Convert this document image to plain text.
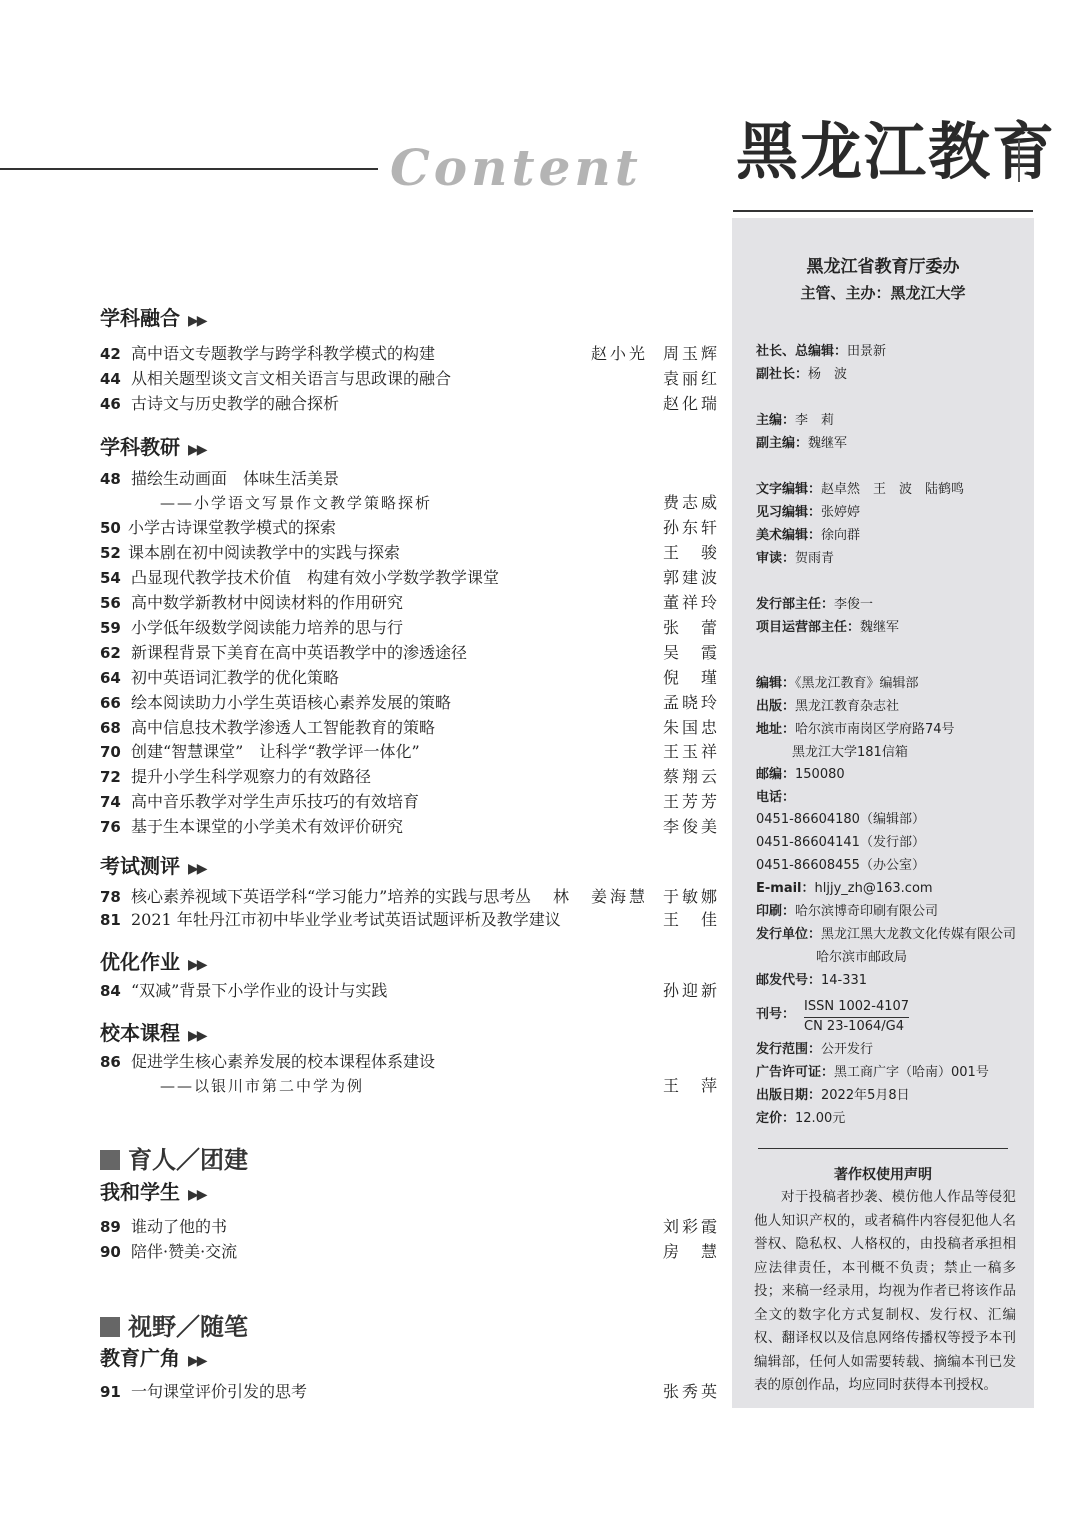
Content 黑龙江教育
学科融合 ▶▶
42 高中语文专题教学与跨学科教学模式的构建	赵小光 周玉辉
44 从相关题型谈文言文相关语言与思政课的融合	袁丽红
46 古诗文与历史教学的融合探析	赵化瑞
学科教研 ▶▶
48 描绘生动画面　体味生活美景
——小学语文写景作文教学策略探析	费志威
50 小学古诗课堂教学模式的探索	孙东轩
52 课本剧在初中阅读教学中的实践与探索	王　骏
54 凸显现代教学技术价值　构建有效小学数学教学课堂	郭建波
56 高中数学新教材中阅读材料的作用研究	董祥玲
59 小学低年级数学阅读能力培养的思与行	张　蕾
62 新课程背景下美育在高中英语教学中的渗透途径	吴　霞
64 初中英语词汇教学的优化策略	倪　瑾
66 绘本阅读助力小学生英语核心素养发展的策略	孟晓玲
68 高中信息技术教学渗透人工智能教育的策略	朱国忠
70 创建“智慧课堂”　让科学“教学评一体化”	王玉祥
72 提升小学生科学观察力的有效路径	蔡翔云
74 高中音乐教学对学生声乐技巧的有效培育	王芳芳
76 基于生本课堂的小学美术有效评价研究	李俊美
考试测评 ▶▶
78 核心素养视域下英语学科“学习能力”培养的实践与思考 丛　林　姜海慧 于敏娜
81 2021 年牡丹江市初中毕业学业考试英语试题评析及教学建议	王　佳
优化作业 ▶▶
84 “双减”背景下小学作业的设计与实践	孙迎新
校本课程 ▶▶
86 促进学生核心素养发展的校本课程体系建设
——以银川市第二中学为例	王　萍
育人／团建
我和学生 ▶▶
89 谁动了他的书	刘彩霞
90 陪伴·赞美·交流	房　慧
视野／随笔
教育广角 ▶▶
91 一句课堂评价引发的思考	张秀英
黑龙江省教育厅委办
主管、主办：黑龙江大学
社长、总编辑：田景新
副社长：杨　波
主编：李　莉
副主编：魏继军
文字编辑：赵卓然　王　波　陆鹤鸣
见习编辑：张婷婷
美术编辑：徐向群
审读：贺雨青
发行部主任：李俊一
项目运营部主任：魏继军
编辑：《黑龙江教育》编辑部
出版：黑龙江教育杂志社
地址：哈尔滨市南岗区学府路74号
黑龙江大学181信箱
邮编：150080
电话：
0451-86604180（编辑部）
0451-86604141（发行部）
0451-86608455（办公室）
E-mail：hljjy_zh@163.com
印刷：哈尔滨博奇印刷有限公司
发行单位：黑龙江黑大龙教文化传媒有限公司
哈尔滨市邮政局
邮发代号：14-331
刊号：
ISSN 1002-4107
CN 23-1064/G4
发行范围：公开发行
广告许可证：黑工商广字（哈南）001号
出版日期：2022年5月8日
定价：12.00元
著作权使用声明
对于投稿者抄袭、模仿他人作品等侵犯他人知识产权的，或者稿件内容侵犯他人名誉权、隐私权、人格权的，由投稿者承担相应法律责任，本刊概不负责；禁止一稿多投；来稿一经录用，均视为作者已将该作品全文的数字化方式复制权、发行权、汇编权、翻译权以及信息网络传播权等授予本刊编辑部，任何人如需要转载、摘编本刊已发表的原创作品，均应同时获得本刊授权。
